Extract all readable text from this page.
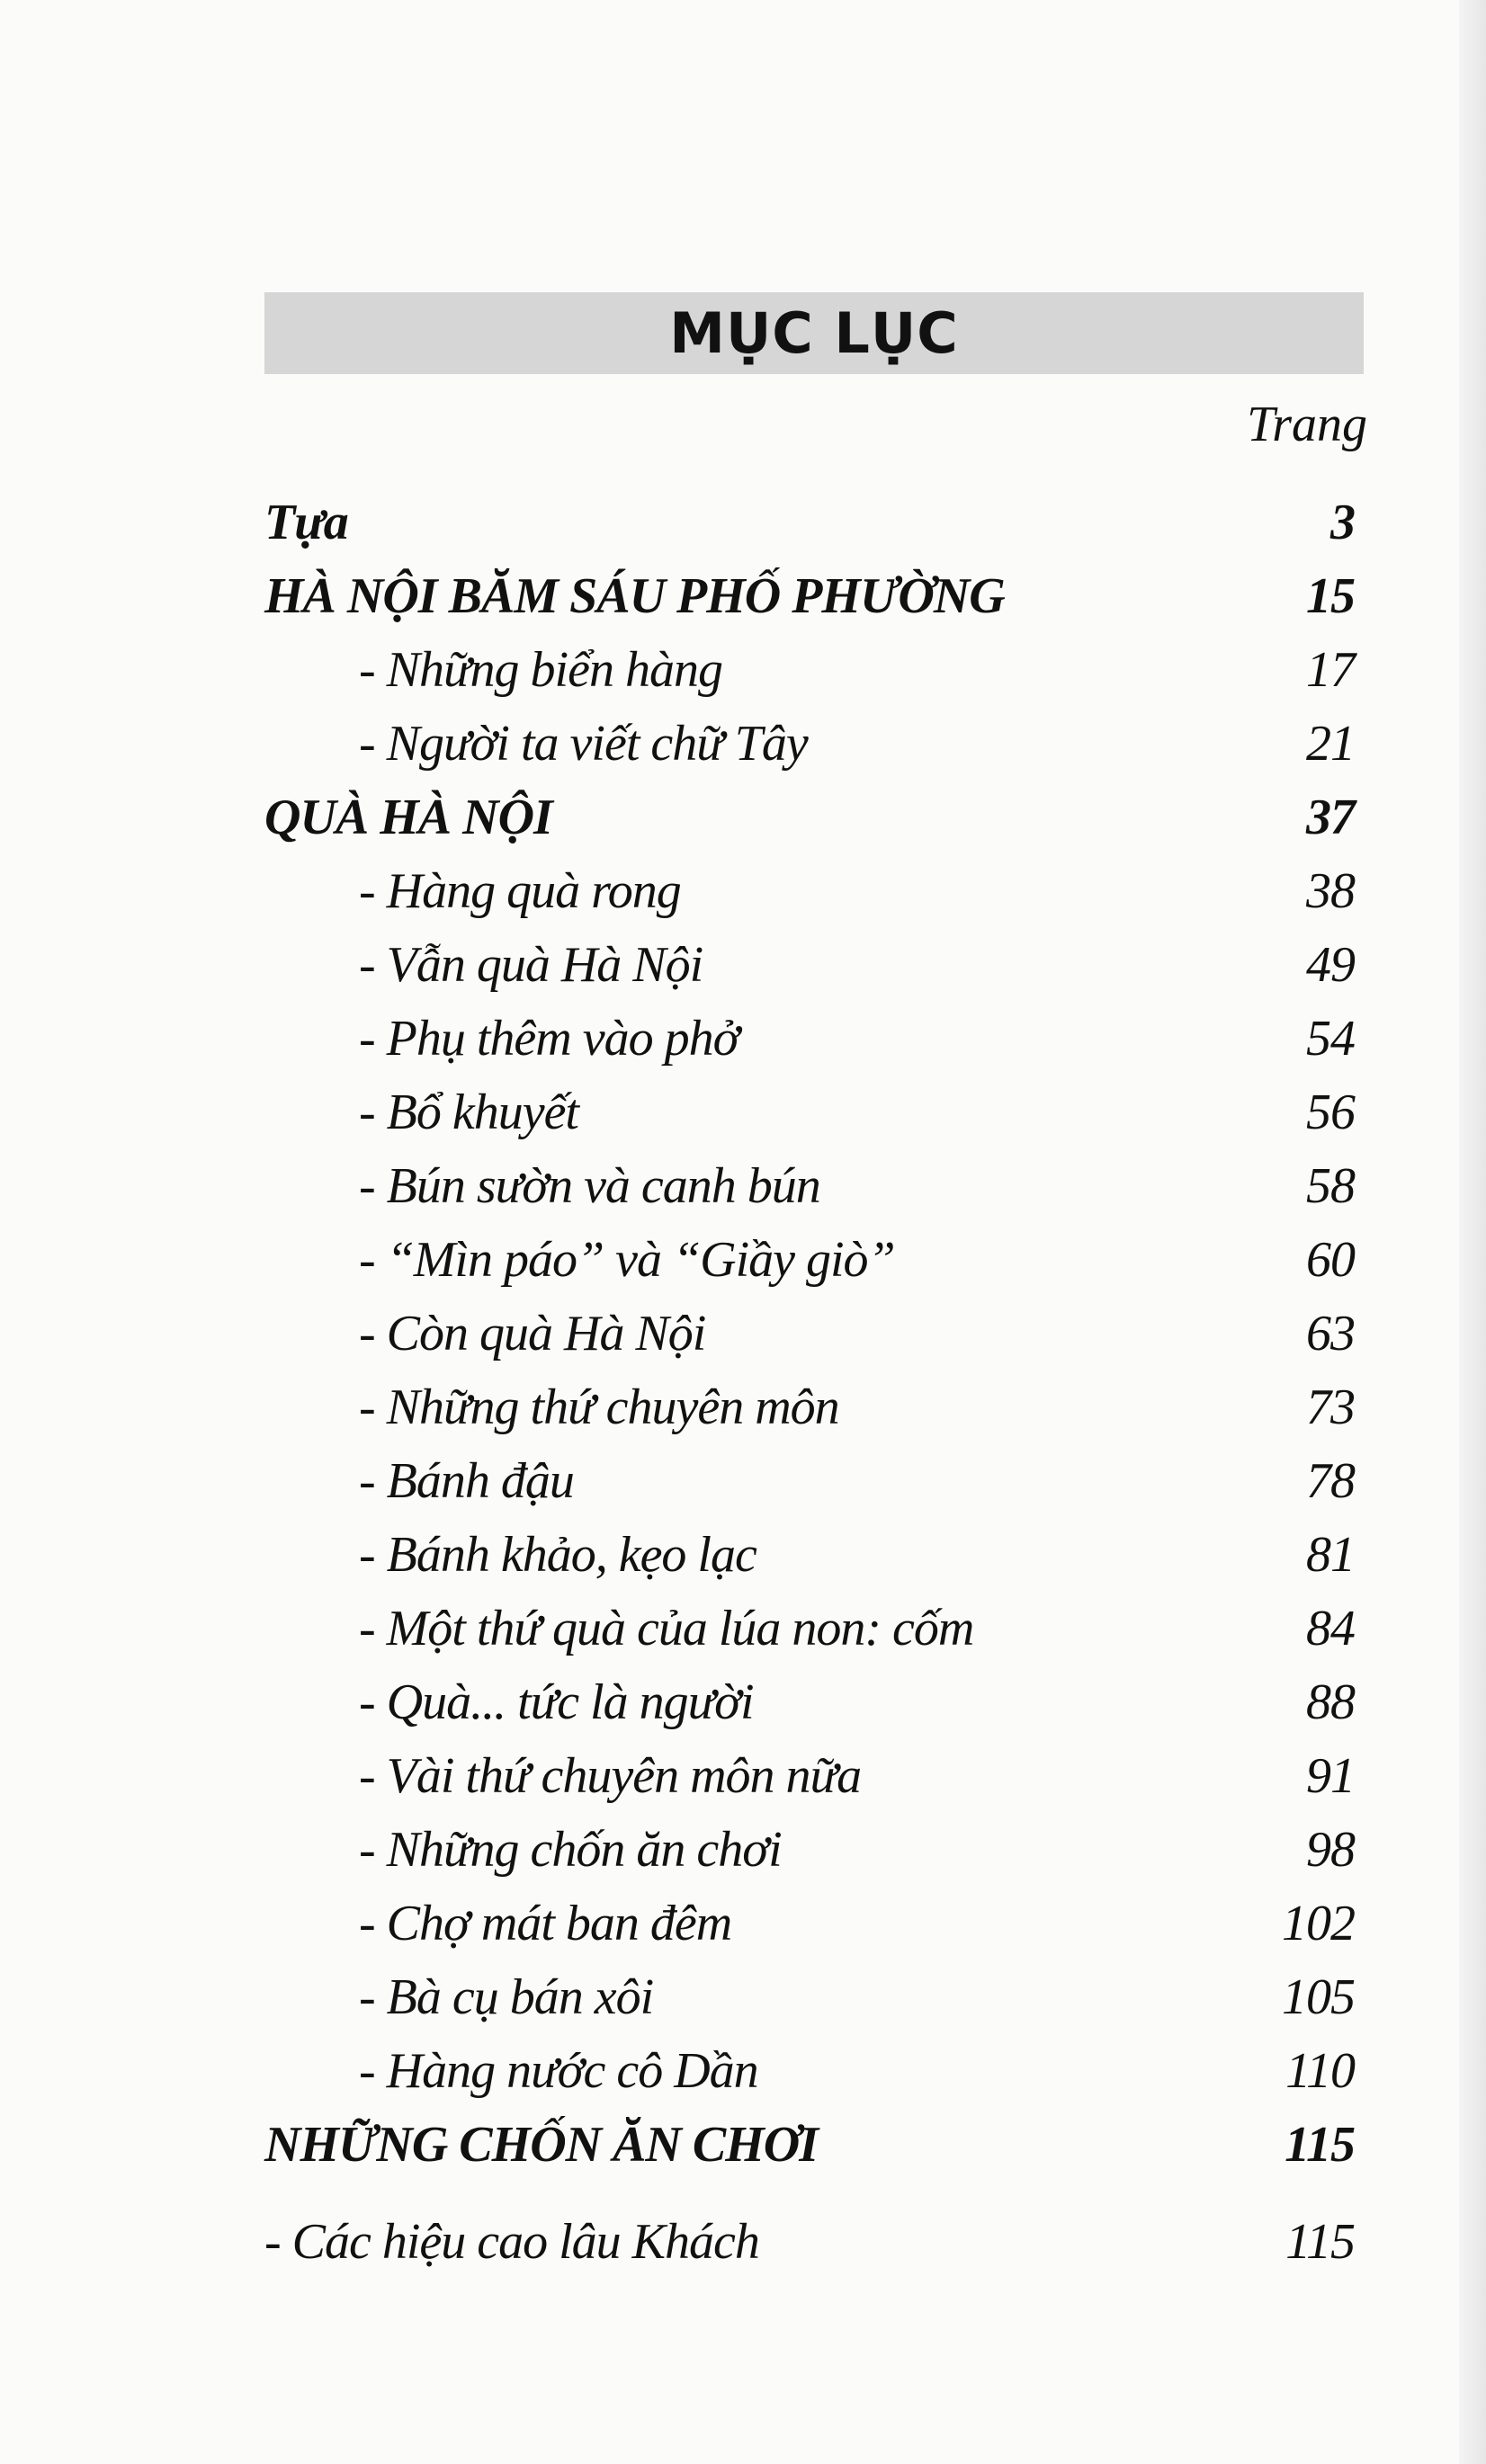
MỤC LỤC
Trang
Tựa	3
HÀ NỘI BĂM SÁU PHỐ PHƯỜNG	15
- Những biển hàng	17
- Người ta viết chữ Tây	21
QUÀ HÀ NỘI	37
- Hàng quà rong	38
- Vẫn quà Hà Nội	49
- Phụ thêm vào phở	54
- Bổ khuyết	56
- Bún sườn và canh bún	58
- “Mìn páo” và “Giầy giò”	60
- Còn quà Hà Nội	63
- Những thứ chuyên môn	73
- Bánh đậu	78
- Bánh khảo, kẹo lạc	81
- Một thứ quà của lúa non: cốm	84
- Quà... tức là người	88
- Vài thứ chuyên môn nữa	91
- Những chốn ăn chơi	98
- Chợ mát ban đêm	102
- Bà cụ bán xôi	105
- Hàng nước cô Dần	110
NHỮNG CHỐN ĂN CHƠI	115
- Các hiệu cao lâu Khách	115
